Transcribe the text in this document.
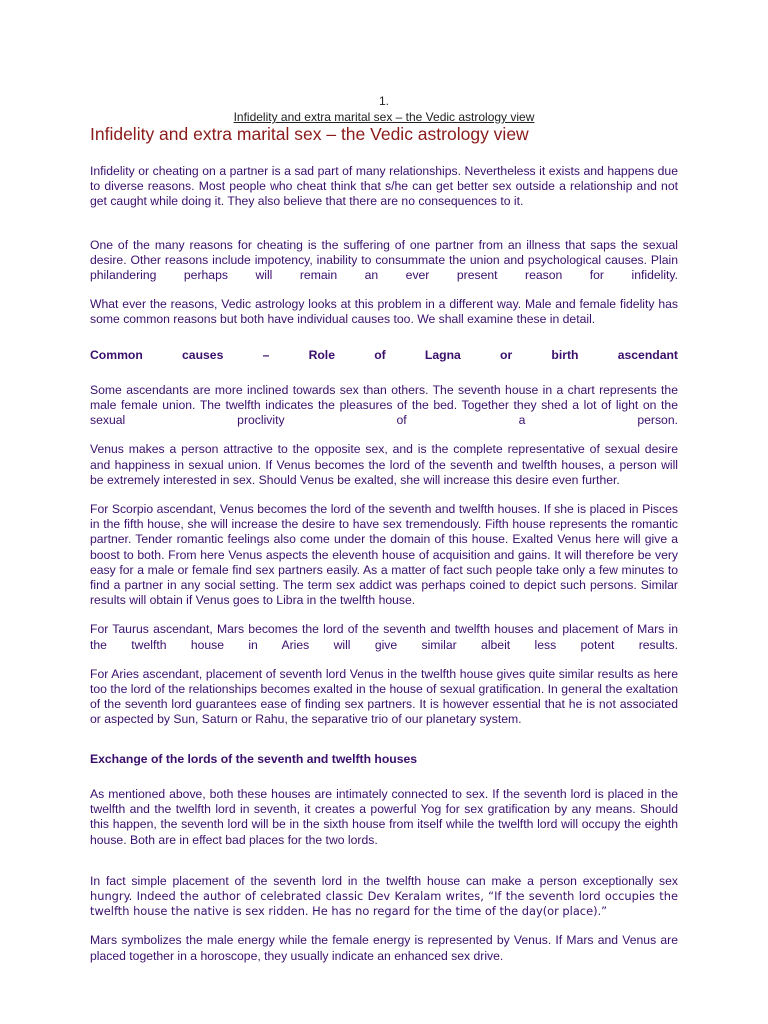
1.
Infidelity and extra marital sex – the Vedic astrology view
Infidelity and extra marital sex – the Vedic astrology view

Infidelity or cheating on a partner is a sad part of many relationships. Nevertheless it exists and happens due to diverse reasons. Most people who cheat think that s/he can get better sex outside a relationship and not get caught while doing it. They also believe that there are no consequences to it.

One of the many reasons for cheating is the suffering of one partner from an illness that saps the sexual desire. Other reasons include impotency, inability to consummate the union and psychological causes. Plain philandering perhaps will remain an ever present reason for infidelity.

What ever the reasons, Vedic astrology looks at this problem in a different way. Male and female fidelity has some common reasons but both have individual causes too. We shall examine these in detail.

Common causes – Role of Lagna or birth ascendant

Some ascendants are more inclined towards sex than others. The seventh house in a chart represents the male female union. The twelfth indicates the pleasures of the bed. Together they shed a lot of light on the sexual proclivity of a person.

Venus makes a person attractive to the opposite sex, and is the complete representative of sexual desire and happiness in sexual union. If Venus becomes the lord of the seventh and twelfth houses, a person will be extremely interested in sex. Should Venus be exalted, she will increase this desire even further.

For Scorpio ascendant, Venus becomes the lord of the seventh and twelfth houses. If she is placed in Pisces in the fifth house, she will increase the desire to have sex tremendously. Fifth house represents the romantic partner. Tender romantic feelings also come under the domain of this house. Exalted Venus here will give a boost to both. From here Venus aspects the eleventh house of acquisition and gains. It will therefore be very easy for a male or female find sex partners easily. As a matter of fact such people take only a few minutes to find a partner in any social setting. The term sex addict was perhaps coined to depict such persons. Similar results will obtain if Venus goes to Libra in the twelfth house.

For Taurus ascendant, Mars becomes the lord of the seventh and twelfth houses and placement of Mars in the twelfth house in Aries will give similar albeit less potent results.

For Aries ascendant, placement of seventh lord Venus in the twelfth house gives quite similar results as here too the lord of the relationships becomes exalted in the house of sexual gratification. In general the exaltation of the seventh lord guarantees ease of finding sex partners. It is however essential that he is not associated or aspected by Sun, Saturn or Rahu, the separative trio of our planetary system.

Exchange of the lords of the seventh and twelfth houses

As mentioned above, both these houses are intimately connected to sex. If the seventh lord is placed in the twelfth and the twelfth lord in seventh, it creates a powerful Yog for sex gratification by any means. Should this happen, the seventh lord will be in the sixth house from itself while the twelfth lord will occupy the eighth house. Both are in effect bad places for the two lords.

In fact simple placement of the seventh lord in the twelfth house can make a person exceptionally sex hungry. Indeed the author of celebrated classic Dev Keralam writes, “If the seventh lord occupies the twelfth house the native is sex ridden. He has no regard for the time of the day(or place).”

Mars symbolizes the male energy while the female energy is represented by Venus. If Mars and Venus are placed together in a horoscope, they usually indicate an enhanced sex drive.
